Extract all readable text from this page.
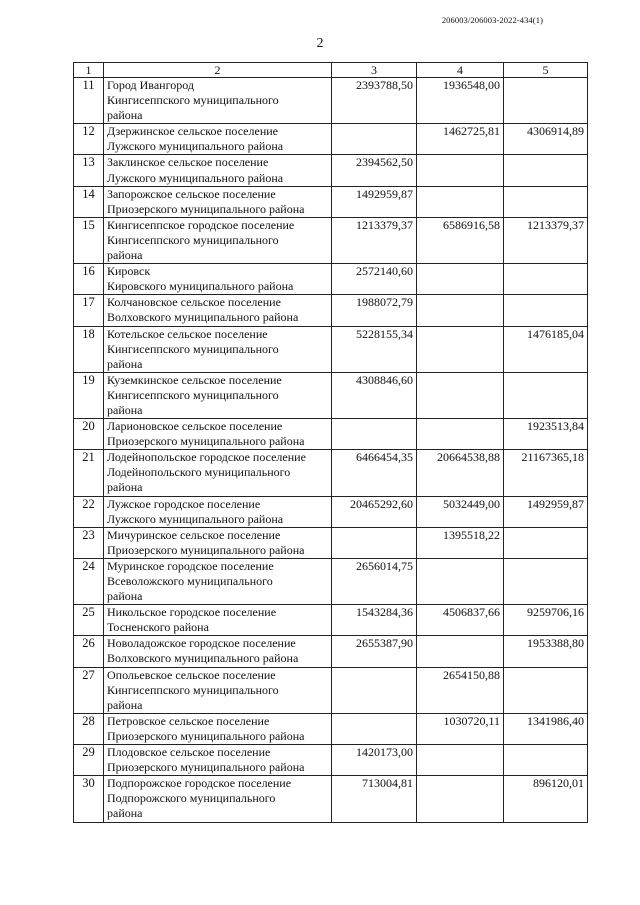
206003/206003-2022-434(1)
2
1	2	3	4	5
11	Город Ивангород
Кингисеппского муниципального
района	2393788,50	1936548,00	
12	Дзержинское сельское поселение
Лужского муниципального района		1462725,81	4306914,89
13	Заклинское сельское поселение
Лужского муниципального района	2394562,50		
14	Запорожское сельское поселение
Приозерского муниципального района	1492959,87		
15	Кингисеппское городское поселение
Кингисеппского муниципального
района	1213379,37	6586916,58	1213379,37
16	Кировск
Кировского муниципального района	2572140,60		
17	Колчановское сельское поселение
Волховского муниципального района	1988072,79		
18	Котельское сельское поселение
Кингисеппского муниципального
района	5228155,34		1476185,04
19	Куземкинское сельское поселение
Кингисеппского муниципального
района	4308846,60		
20	Ларионовское сельское поселение
Приозерского муниципального района			1923513,84
21	Лодейнопольское городское поселение
Лодейнопольского муниципального
района	6466454,35	20664538,88	21167365,18
22	Лужское городское поселение
Лужского муниципального района	20465292,60	5032449,00	1492959,87
23	Мичуринское сельское поселение
Приозерского муниципального района		1395518,22	
24	Муринское городское поселение
Всеволожского муниципального
района	2656014,75		
25	Никольское городское поселение
Тосненского района	1543284,36	4506837,66	9259706,16
26	Новоладожское городское поселение
Волховского муниципального района	2655387,90		1953388,80
27	Опольевское сельское поселение
Кингисеппского муниципального
района		2654150,88	
28	Петровское сельское поселение
Приозерского муниципального района		1030720,11	1341986,40
29	Плодовское сельское поселение
Приозерского муниципального района	1420173,00		
30	Подпорожское городское поселение
Подпорожского муниципального
района	713004,81		896120,01
